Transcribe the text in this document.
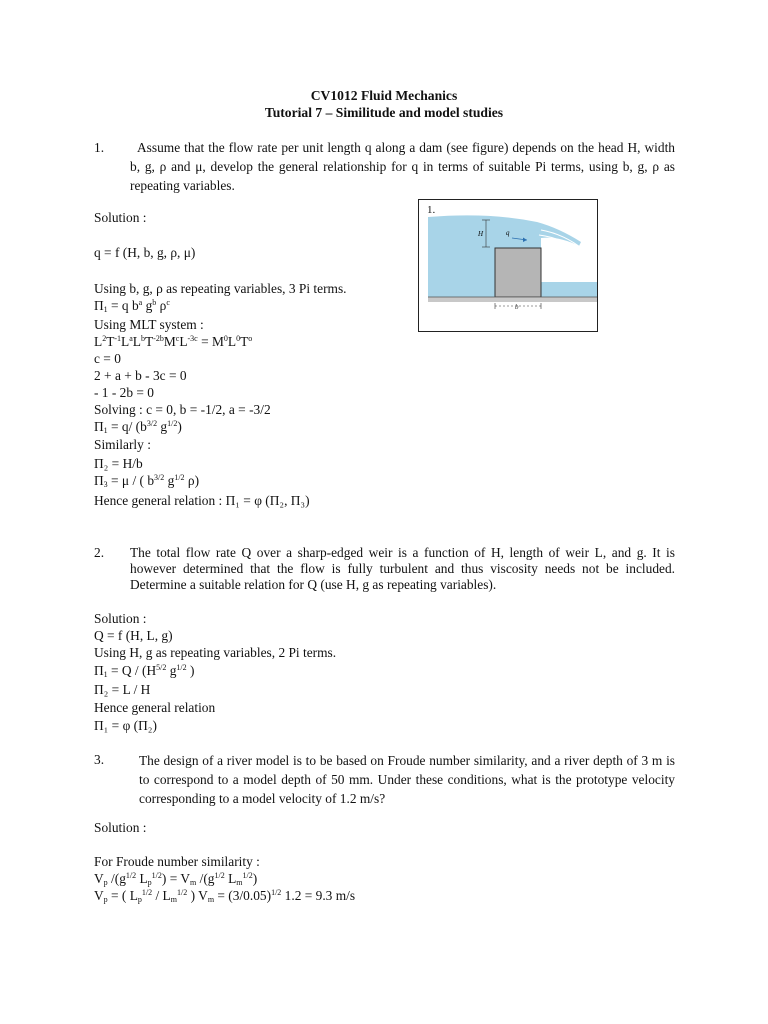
CV1012 Fluid Mechanics
Tutorial 7 – Similitude and model studies
1.	Assume that the flow rate per unit length q along a dam (see figure) depends on the head H, width b, g, ρ and μ, develop the general relationship for q in terms of suitable Pi terms, using b, g, ρ as repeating variables.
Solution :
q = f (H, b, g, ρ, μ)
Using b, g, ρ as repeating variables, 3 Pi terms.
$\Pi_1 = q$ $b^a$ $g^b$ $\rho^c$
Using MLT system :
$L^2T^{-1}L^aL^bT^{-2b}M^cL^{-3c} = M^0L^0T^o$
c = 0
2 + a + b - 3c = 0
- 1 - 2b = 0
Solving : c = 0, b = -1/2, a = -3/2
$\Pi_1 = q/$ ($b^{3/2}$ $g^{1/2}$)
Similarly :
Π₂ = H/b
$\Pi_3 = \mu$ / ( $b^{3/2}$ $g^{1/2}$ ρ)
Hence general relation : Π₁ = φ (Π₂, Π₃)
1.
H	q
b
2. The total flow rate Q over a sharp-edged weir is a function of H, length of weir L, and g. It is however determined that the flow is fully turbulent and thus viscosity needs not be included. Determine a suitable relation for Q (use H, g as repeating variables).
Solution :
Q = f (H, L, g)
Using H, g as repeating variables, 2 Pi terms.
$\Pi_1 = Q / (H^{5/2}$ $g^{1/2}$ )
Π₂ = L / H
Hence general relation
Π₁ = φ (Π₂)
3.	The design of a river model is to be based on Froude number similarity, and a river depth of 3 m is to correspond to a model depth of 50 mm. Under these conditions, what is the prototype velocity corresponding to a model velocity of 1.2 m/s?
Solution :
For Froude number similarity :
$V_p$ $/(g^{1/2}$ $L_p^{1/2}) = V_m$ $/(g^{1/2}$ $L_m^{1/2}$)
$V_p$ = ( $L_p^{1/2} / L_m^{1/2}$ ) $V_m = (3/0.05)^{1/2}$ 1.2 = 9.3 m/s
